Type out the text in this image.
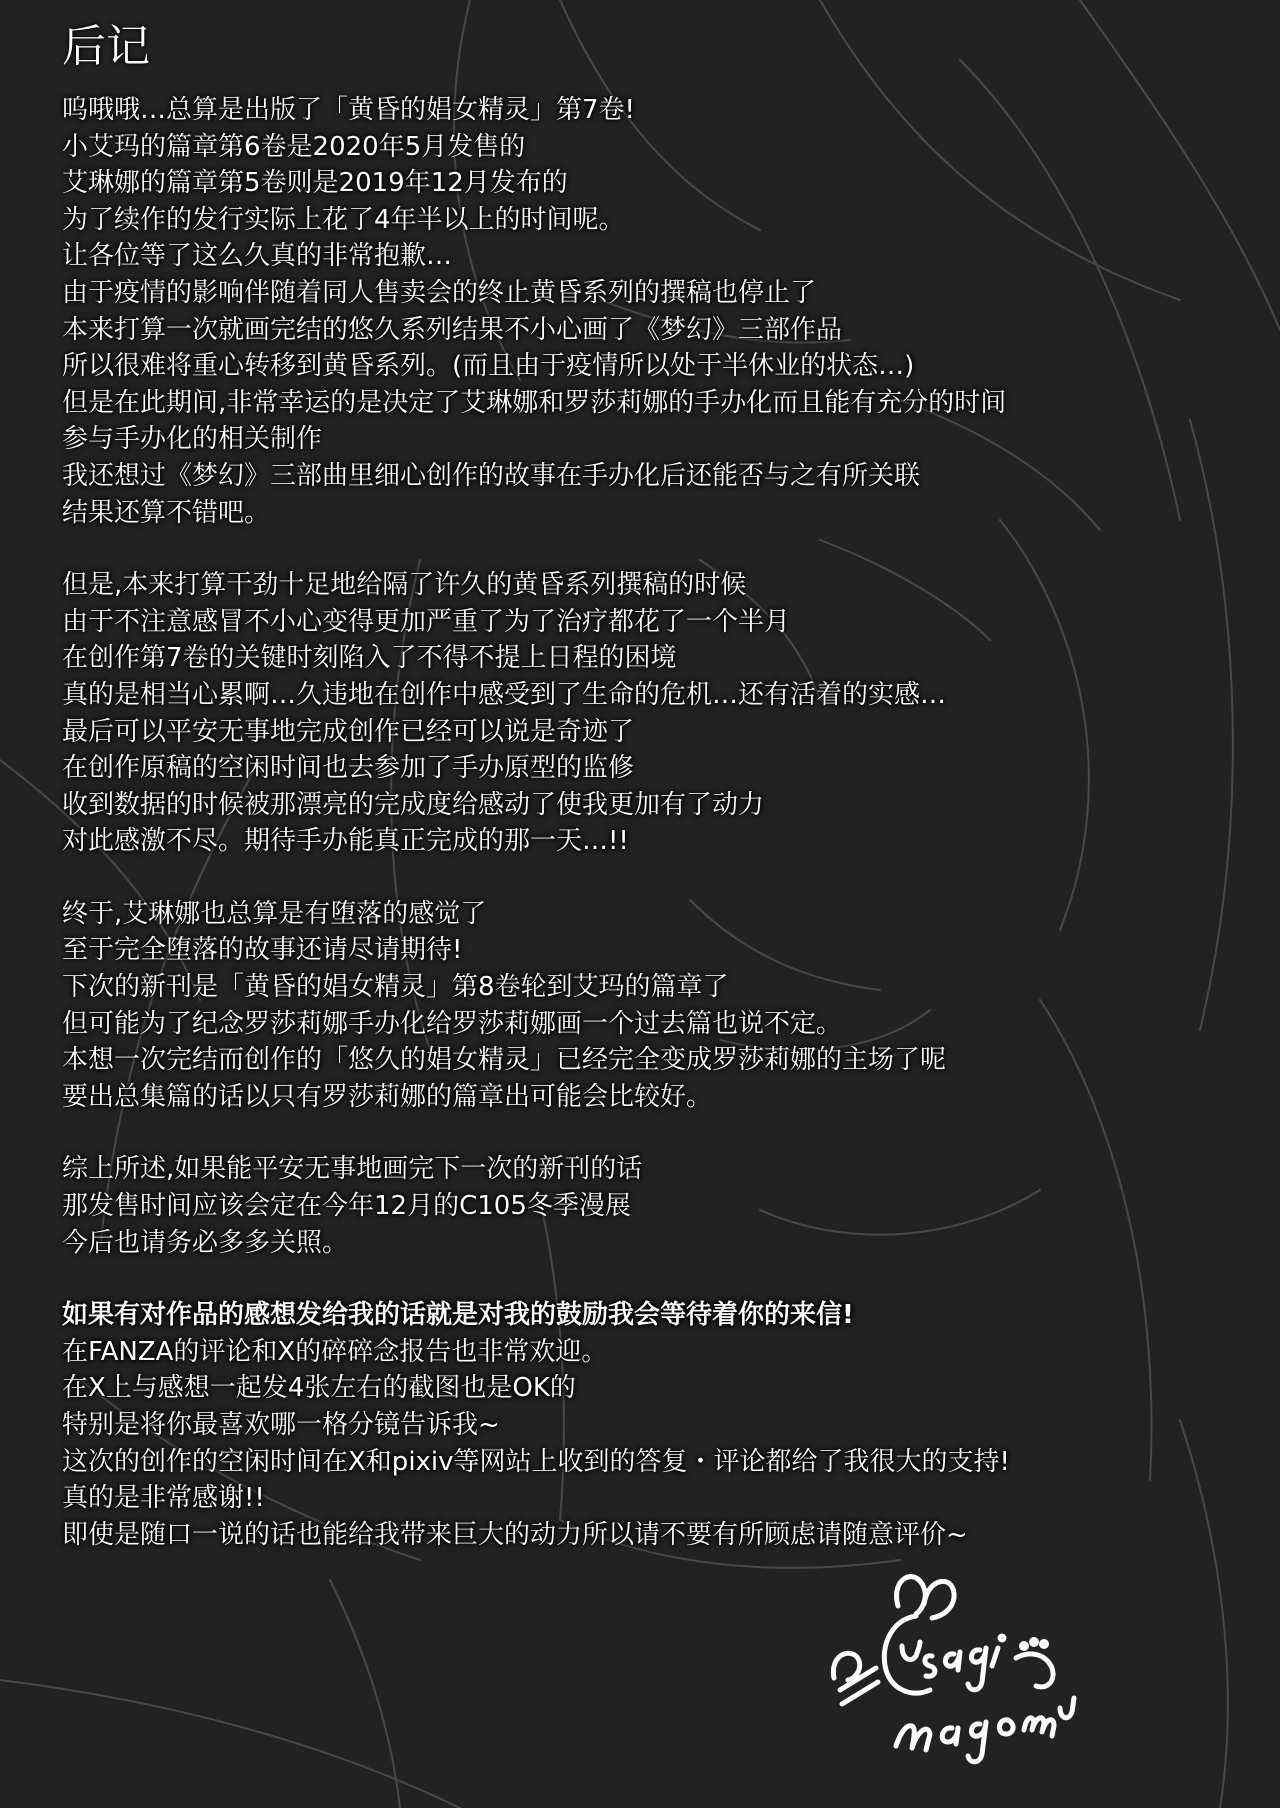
后记
呜哦哦…总算是出版了「黄昏的娼女精灵」第7卷!
小艾玛的篇章第6卷是2020年5月发售的
艾琳娜的篇章第5卷则是2019年12月发布的
为了续作的发行实际上花了4年半以上的时间呢。
让各位等了这么久真的非常抱歉…
由于疫情的影响伴随着同人售卖会的终止黄昏系列的撰稿也停止了
本来打算一次就画完结的悠久系列结果不小心画了《梦幻》三部作品
所以很难将重心转移到黄昏系列。(而且由于疫情所以处于半休业的状态…)
但是在此期间,非常幸运的是决定了艾琳娜和罗莎莉娜的手办化而且能有充分的时间
参与手办化的相关制作
我还想过《梦幻》三部曲里细心创作的故事在手办化后还能否与之有所关联
结果还算不错吧。
但是,本来打算干劲十足地给隔了许久的黄昏系列撰稿的时候
由于不注意感冒不小心变得更加严重了为了治疗都花了一个半月
在创作第7卷的关键时刻陷入了不得不提上日程的困境
真的是相当心累啊…久违地在创作中感受到了生命的危机…还有活着的实感…
最后可以平安无事地完成创作已经可以说是奇迹了
在创作原稿的空闲时间也去参加了手办原型的监修
收到数据的时候被那漂亮的完成度给感动了使我更加有了动力
对此感激不尽。期待手办能真正完成的那一天…!!
终于,艾琳娜也总算是有堕落的感觉了
至于完全堕落的故事还请尽请期待!
下次的新刊是「黄昏的娼女精灵」第8卷轮到艾玛的篇章了
但可能为了纪念罗莎莉娜手办化给罗莎莉娜画一个过去篇也说不定。
本想一次完结而创作的「悠久的娼女精灵」已经完全变成罗莎莉娜的主场了呢
要出总集篇的话以只有罗莎莉娜的篇章出可能会比较好。
综上所述,如果能平安无事地画完下一次的新刊的话
那发售时间应该会定在今年12月的C105冬季漫展
今后也请务必多多关照。
如果有对作品的感想发给我的话就是对我的鼓励我会等待着你的来信!
在FANZA的评论和X的碎碎念报告也非常欢迎。
在X上与感想一起发4张左右的截图也是OK的
特别是将你最喜欢哪一格分镜告诉我~
这次的创作的空闲时间在X和pixiv等网站上收到的答复・评论都给了我很大的支持!
真的是非常感谢!!
即使是随口一说的话也能给我带来巨大的动力所以请不要有所顾虑请随意评价~
